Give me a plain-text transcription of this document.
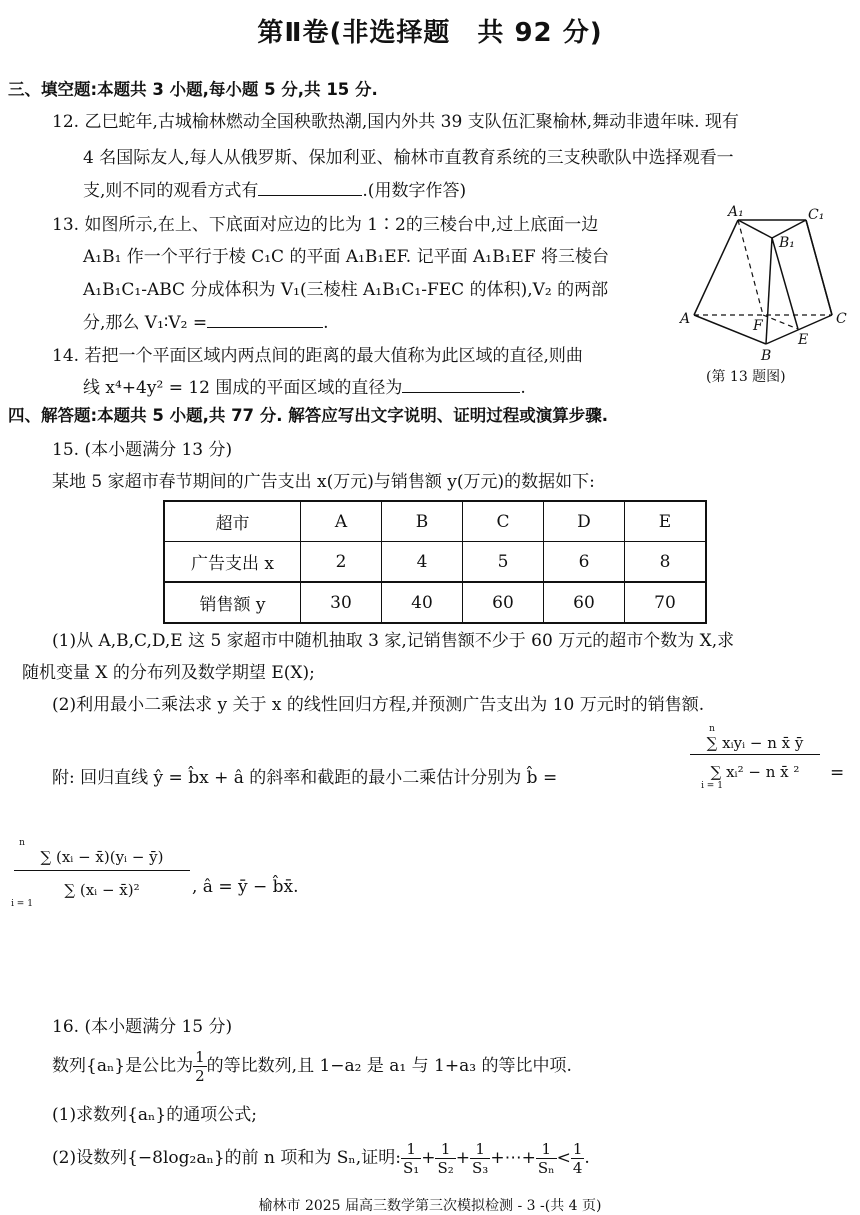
第Ⅱ卷(非选择题　共 92 分)
三、填空题:本题共 3 小题,每小题 5 分,共 15 分.
12. 乙巳蛇年,古城榆林燃动全国秧歌热潮,国内外共 39 支队伍汇聚榆林,舞动非遗年味. 现有
4 名国际友人,每人从俄罗斯、保加利亚、榆林市直教育系统的三支秧歌队中选择观看一
支,则不同的观看方式有	.(用数字作答)
13. 如图所示,在上、下底面对应边的比为 1∶2的三棱台中,过上底面一边
A₁B₁ 作一个平行于棱 C₁C 的平面 A₁B₁EF. 记平面 A₁B₁EF 将三棱台
A₁B₁C₁-ABC 分成体积为 V₁(三棱柱 A₁B₁C₁-FEC 的体积),V₂ 的两部
分,那么 V₁∶V₂ =	.
A₁	C₁
B₁
A	C
F
E
B
(第 13 题图)
14. 若把一个平面区域内两点间的距离的最大值称为此区域的直径,则曲
线 x⁴+4y² = 12 围成的平面区域的直径为	.
四、解答题:本题共 5 小题,共 77 分. 解答应写出文字说明、证明过程或演算步骤.
15. (本小题满分 13 分)
某地 5 家超市春节期间的广告支出 x(万元)与销售额 y(万元)的数据如下:
超市	A	B	C	D	E
广告支出 x	2	4	5	6	8
销售额 y	30	40	60	60	70
(1)从 A,B,C,D,E 这 5 家超市中随机抽取 3 家,记销售额不少于 60 万元的超市个数为 X,求
随机变量 X 的分布列及数学期望 E(X);
(2)利用最小二乘法求 y 关于 x 的线性回归方程,并预测广告支出为 10 万元时的销售额.
附: 回归直线 ŷ = b̂x + â 的斜率和截距的最小二乘估计分别为 b̂ =
n
∑ xᵢyᵢ − n x̄ ȳ
∑ xᵢ² − n x̄ ²
i = 1
=
n
∑ (xᵢ − x̄)(yᵢ − ȳ)
∑ (xᵢ − x̄)²
i = 1
, â = ȳ − b̂x̄.
16. (本小题满分 15 分)
数列{aₙ}是公比为 $\frac{1}{2}$ 的等比数列,且 1−a₂ 是 a₁ 与 1+a₃ 的等比中项.
(1)求数列{aₙ}的通项公式;
(2)设数列{−8log₂aₙ}的前 n 项和为 Sₙ,证明: $\frac{1}{\text{S₁}} + \frac{1}{\text{S₂}} + \frac{1}{\text{S₃}}$ +⋯+ $\frac{1}{\text{Sₙ}} < \frac{1}{4}$ .
榆林市 2025 届高三数学第三次模拟检测 - 3 -(共 4 页)
